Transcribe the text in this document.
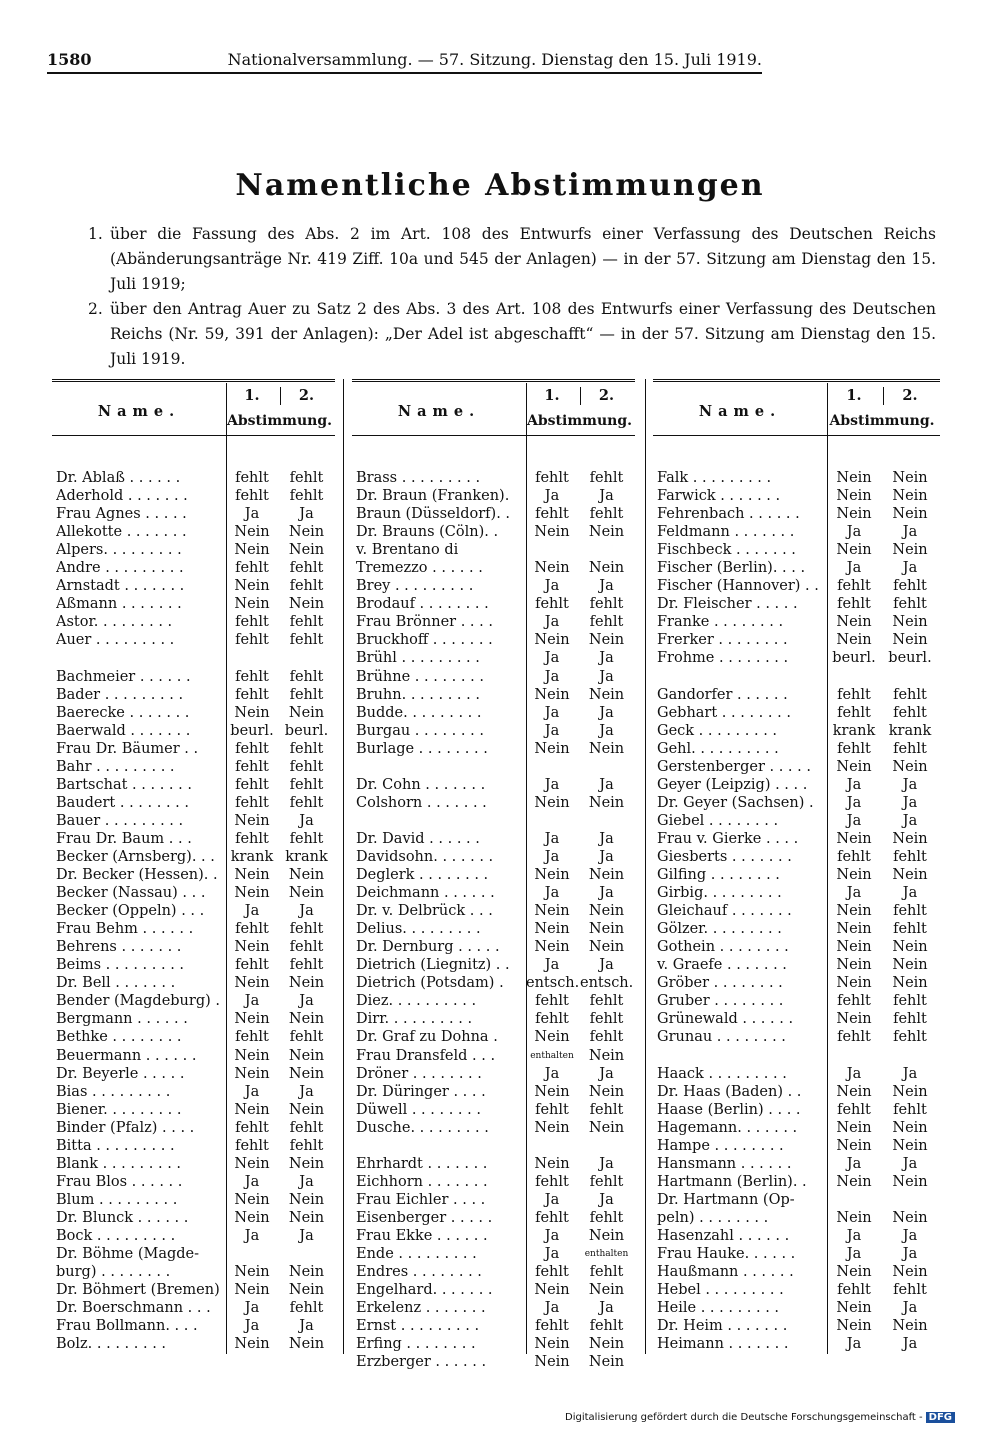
1580	Nationalversammlung. — 57. Sitzung. Dienstag den 15. Juli 1919.
Namentliche Abstimmungen
1. über die Fassung des Abs. 2 im Art. 108 des Entwurfs einer Verfassung des Deutschen Reichs (Abänderungsanträge Nr. 419 Ziff. 10a und 545 der Anlagen) — in der 57. Sitzung am Dienstag den 15. Juli 1919;
2. über den Antrag Auer zu Satz 2 des Abs. 3 des Art. 108 des Entwurfs einer Verfassung des Deutschen Reichs (Nr. 59, 391 der Anlagen): „Der Adel ist abgeschafft“ — in der 57. Sitzung am Dienstag den 15. Juli 1919.
Name.
1.	2.
Abstimmung.
Dr. Ablaß . . . . . .	fehlt	fehlt
Aderhold . . . . . . .	fehlt	fehlt
Frau Agnes . . . . .	Ja	Ja
Allekotte . . . . . . .	Nein	Nein
Alpers. . . . . . . . .	Nein	Nein
Andre . . . . . . . . .	fehlt	fehlt
Arnstadt . . . . . . .	Nein	fehlt
Aßmann . . . . . . .	Nein	Nein
Astor. . . . . . . . .	fehlt	fehlt
Auer . . . . . . . . .	fehlt	fehlt
Bachmeier . . . . . .	fehlt	fehlt
Bader . . . . . . . . .	fehlt	fehlt
Baerecke . . . . . . .	Nein	Nein
Baerwald . . . . . . .	beurl. beurl.
Frau Dr. Bäumer . .	fehlt	fehlt
Bahr . . . . . . . . .	fehlt	fehlt
Bartschat . . . . . . .	fehlt	fehlt
Baudert . . . . . . . .	fehlt	fehlt
Bauer . . . . . . . . .	Nein	Ja
Frau Dr. Baum . . .	fehlt	fehlt
Becker (Arnsberg). . .	krank krank
Dr. Becker (Hessen). .	Nein	Nein
Becker (Nassau) . . .	Nein	Nein
Becker (Oppeln) . . .	Ja	Ja
Frau Behm . . . . . .	fehlt	fehlt
Behrens . . . . . . .	Nein	fehlt
Beims . . . . . . . . .	fehlt	fehlt
Dr. Bell . . . . . . .	Nein	Nein
Bender (Magdeburg) .	Ja	Ja
Bergmann . . . . . .	Nein	Nein
Bethke . . . . . . . .	fehlt	fehlt
Beuermann . . . . . .	Nein	Nein
Dr. Beyerle . . . . .	Nein	Nein
Bias . . . . . . . . .	Ja	Ja
Biener. . . . . . . . .	Nein	Nein
Binder (Pfalz) . . . .	fehlt	fehlt
Bitta . . . . . . . . .	fehlt	fehlt
Blank . . . . . . . . .	Nein	Nein
Frau Blos . . . . . .	Ja	Ja
Blum . . . . . . . . .	Nein	Nein
Dr. Blunck . . . . . .	Nein	Nein
Bock . . . . . . . . .	Ja	Ja
Dr. Böhme (Magde-
burg) . . . . . . . .	Nein	Nein
Dr. Böhmert (Bremen)	Nein	Nein
Dr. Boerschmann . . .	Ja	fehlt
Frau Bollmann. . . .	Ja	Ja
Bolz. . . . . . . . .	Nein	Nein
Name.
1.	2.
Abstimmung.
Brass . . . . . . . . .	fehlt	fehlt
Dr. Braun (Franken).	Ja	Ja
Braun (Düsseldorf). .	fehlt	fehlt
Dr. Brauns (Cöln). .	Nein	Nein
v. Brentano di
Tremezzo . . . . . .	Nein	Nein
Brey . . . . . . . . .	Ja	Ja
Brodauf . . . . . . . .	fehlt	fehlt
Frau Brönner . . . .	Ja	fehlt
Bruckhoff . . . . . . .	Nein	Nein
Brühl . . . . . . . . .	Ja	Ja
Brühne . . . . . . . .	Ja	Ja
Bruhn. . . . . . . . .	Nein	Nein
Budde. . . . . . . . .	Ja	Ja
Burgau . . . . . . . .	Ja	Ja
Burlage . . . . . . . .	Nein	Nein
Dr. Cohn . . . . . . .	Ja	Ja
Colshorn . . . . . . .	Nein	Nein
Dr. David . . . . . .	Ja	Ja
Davidsohn. . . . . . .	Ja	Ja
Deglerk . . . . . . . .	Nein	Nein
Deichmann . . . . . .	Ja	Ja
Dr. v. Delbrück . . .	Nein	Nein
Delius. . . . . . . . .	Nein	Nein
Dr. Dernburg . . . . .	Nein	Nein
Dietrich (Liegnitz) . .	Ja	Ja
Dietrich (Potsdam) .	entsch. entsch.
Diez. . . . . . . . . .	fehlt	fehlt
Dirr. . . . . . . . . .	fehlt	fehlt
Dr. Graf zu Dohna .	Nein	fehlt
Frau Dransfeld . . .	enthalten	Nein
Dröner . . . . . . . .	Ja	Ja
Dr. Düringer . . . .	Nein	Nein
Düwell . . . . . . . .	fehlt	fehlt
Dusche. . . . . . . . .	Nein	Nein
Ehrhardt . . . . . . .	Nein	Ja
Eichhorn . . . . . . .	fehlt	fehlt
Frau Eichler . . . .	Ja	Ja
Eisenberger . . . . .	fehlt	fehlt
Frau Ekke . . . . . .	Ja	Nein
Ende . . . . . . . . .	Ja	enthalten
Endres . . . . . . . .	fehlt	fehlt
Engelhard. . . . . . .	Nein	Nein
Erkelenz . . . . . . .	Ja	Ja
Ernst . . . . . . . . .	fehlt	fehlt
Erfing . . . . . . . .	Nein	Nein
Erzberger . . . . . .	Nein	Nein
Name.
1.	2.
Abstimmung.
Falk . . . . . . . . .	Nein	Nein
Farwick . . . . . . .	Nein	Nein
Fehrenbach . . . . . .	Nein	Nein
Feldmann . . . . . . .	Ja	Ja
Fischbeck . . . . . . .	Nein	Nein
Fischer (Berlin). . . .	Ja	Ja
Fischer (Hannover) . .	fehlt	fehlt
Dr. Fleischer . . . . .	fehlt	fehlt
Franke . . . . . . . .	Nein	Nein
Frerker . . . . . . . .	Nein	Nein
Frohme . . . . . . . .	beurl. beurl.
Gandorfer . . . . . .	fehlt	fehlt
Gebhart . . . . . . . .	fehlt	fehlt
Geck . . . . . . . . .	krank krank
Gehl. . . . . . . . . .	fehlt	fehlt
Gerstenberger . . . . .	Nein	Nein
Geyer (Leipzig) . . . .	Ja	Ja
Dr. Geyer (Sachsen) .	Ja	Ja
Giebel . . . . . . . .	Ja	Ja
Frau v. Gierke . . . .	Nein	Nein
Giesberts . . . . . . .	fehlt	fehlt
Gilfing . . . . . . . .	Nein	Nein
Girbig. . . . . . . . .	Ja	Ja
Gleichauf . . . . . . .	Nein	fehlt
Gölzer. . . . . . . . .	Nein	fehlt
Gothein . . . . . . . .	Nein	Nein
v. Graefe . . . . . . .	Nein	Nein
Gröber . . . . . . . .	Nein	Nein
Gruber . . . . . . . .	fehlt	fehlt
Grünewald . . . . . .	Nein	fehlt
Grunau . . . . . . . .	fehlt	fehlt
Haack . . . . . . . . .	Ja	Ja
Dr. Haas (Baden) . .	Nein	Nein
Haase (Berlin) . . . .	fehlt	fehlt
Hagemann. . . . . . .	Nein	Nein
Hampe . . . . . . . .	Nein	Nein
Hansmann . . . . . .	Ja	Ja
Hartmann (Berlin). .	Nein	Nein
Dr. Hartmann (Op-
peln) . . . . . . . .	Nein	Nein
Hasenzahl . . . . . .	Ja	Ja
Frau Hauke. . . . . .	Ja	Ja
Haußmann . . . . . .	Nein	Nein
Hebel . . . . . . . . .	fehlt	fehlt
Heile . . . . . . . . .	Nein	Ja
Dr. Heim . . . . . . .	Nein	Nein
Heimann . . . . . . .	Ja	Ja
Digitalisierung gefördert durch die Deutsche Forschungsgemeinschaft - DFG
